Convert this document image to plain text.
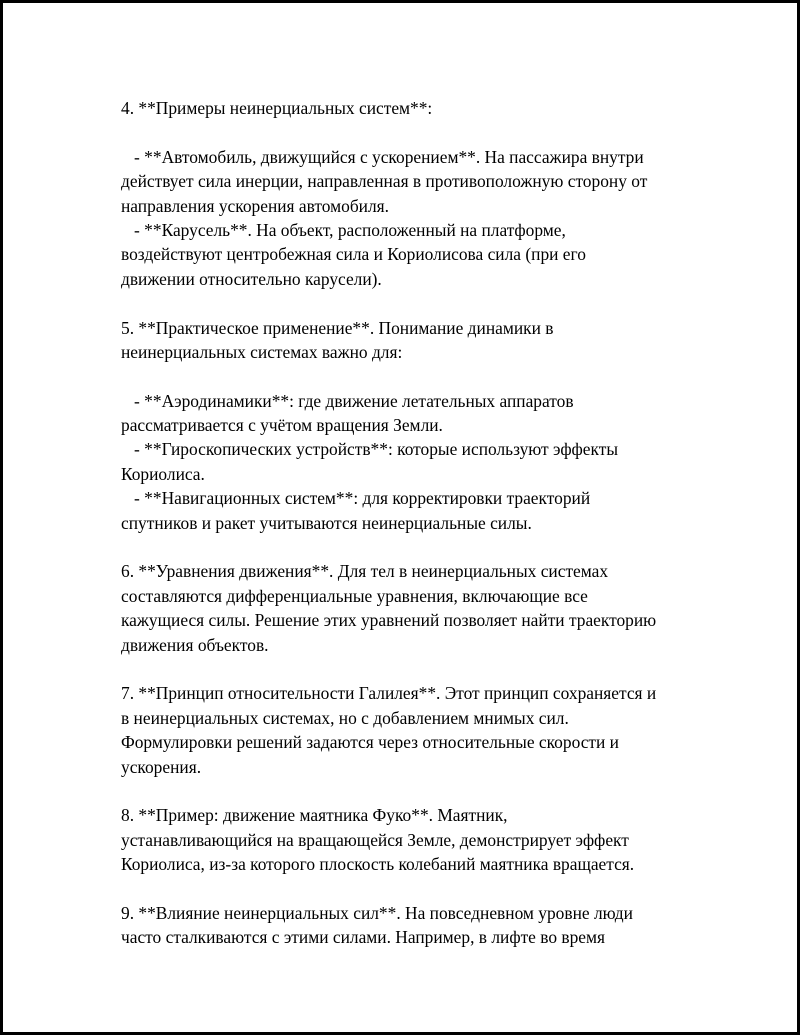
4. **Примеры неинерциальных систем**:
- **Автомобиль, движущийся с ускорением**. На пассажира внутри
действует сила инерции, направленная в противоположную сторону от
направления ускорения автомобиля.
- **Карусель**. На объект, расположенный на платформе,
воздействуют центробежная сила и Кориолисова сила (при его
движении относительно карусели).
5. **Практическое применение**. Понимание динамики в
неинерциальных системах важно для:
- **Аэродинамики**: где движение летательных аппаратов
рассматривается с учётом вращения Земли.
- **Гироскопических устройств**: которые используют эффекты
Кориолиса.
- **Навигационных систем**: для корректировки траекторий
спутников и ракет учитываются неинерциальные силы.
6. **Уравнения движения**. Для тел в неинерциальных системах
составляются дифференциальные уравнения, включающие все
кажущиеся силы. Решение этих уравнений позволяет найти траекторию
движения объектов.
7. **Принцип относительности Галилея**. Этот принцип сохраняется и
в неинерциальных системах, но с добавлением мнимых сил.
Формулировки решений задаются через относительные скорости и
ускорения.
8. **Пример: движение маятника Фуко**. Маятник,
устанавливающийся на вращающейся Земле, демонстрирует эффект
Кориолиса, из-за которого плоскость колебаний маятника вращается.
9. **Влияние неинерциальных сил**. На повседневном уровне люди
часто сталкиваются с этими силами. Например, в лифте во время
